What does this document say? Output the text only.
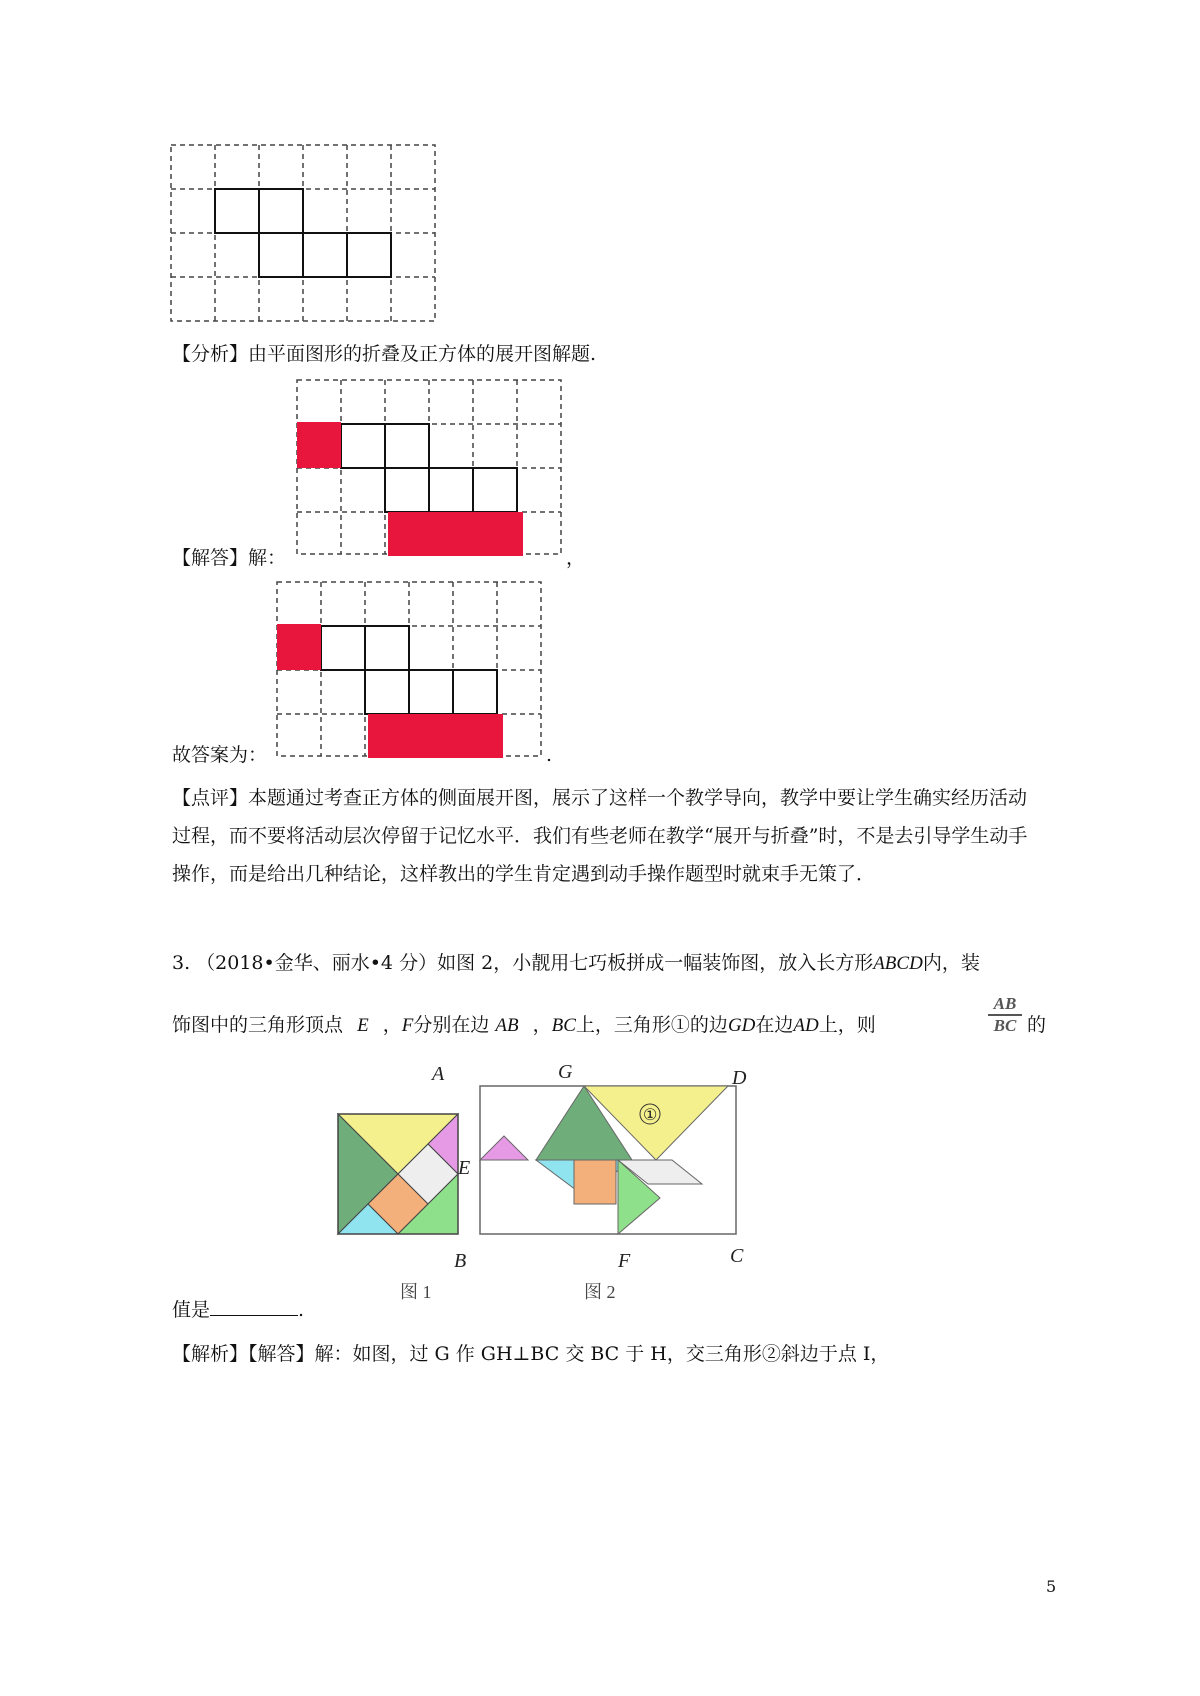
【分析】由平面图形的折叠及正方体的展开图解题.
【解答】解：	，
故答案为：	.
【点评】本题通过考查正方体的侧面展开图，展示了这样一个教学导向，教学中要让学生确实经历活动过程，而不要将活动层次停留于记忆水平．我们有些老师在教学“展开与折叠”时，不是去引导学生动手操作，而是给出几种结论，这样教出的学生肯定遇到动手操作题型时就束手无策了．
3. （2018•金华、丽水•4 分）如图 2，小靓用七巧板拼成一幅装饰图，放入长方形ABCD内，装
饰图中的三角形顶点 E ，F分别在边 AB ，BC上，三角形①的边GD在边AD上，则
AB
BC 的
A	G	D
E
B	F	C
①
图 1	图 2
值是	.
【解析】【解答】解：如图，过 G 作 GH⊥BC 交 BC 于 H，交三角形②斜边于点 I，
5
